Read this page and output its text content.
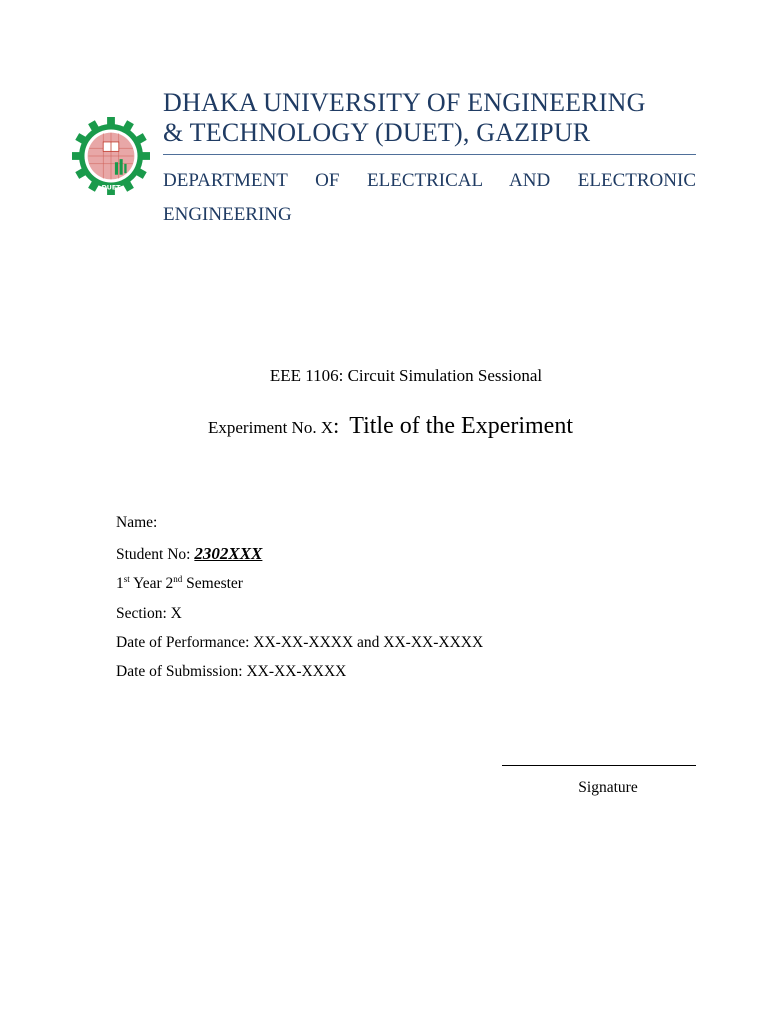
DUET
DHAKA UNIVERSITY OF ENGINEERING
& TECHNOLOGY (DUET), GAZIPUR
DEPARTMENT OF ELECTRICAL AND ELECTRONIC ENGINEERING
EEE 1106: Circuit Simulation Sessional
Experiment No. X: Title of the Experiment
Name:
Student No: 2302XXX
1st Year 2nd Semester
Section: X
Date of Performance: XX-XX-XXXX and XX-XX-XXXX
Date of Submission: XX-XX-XXXX
Signature
